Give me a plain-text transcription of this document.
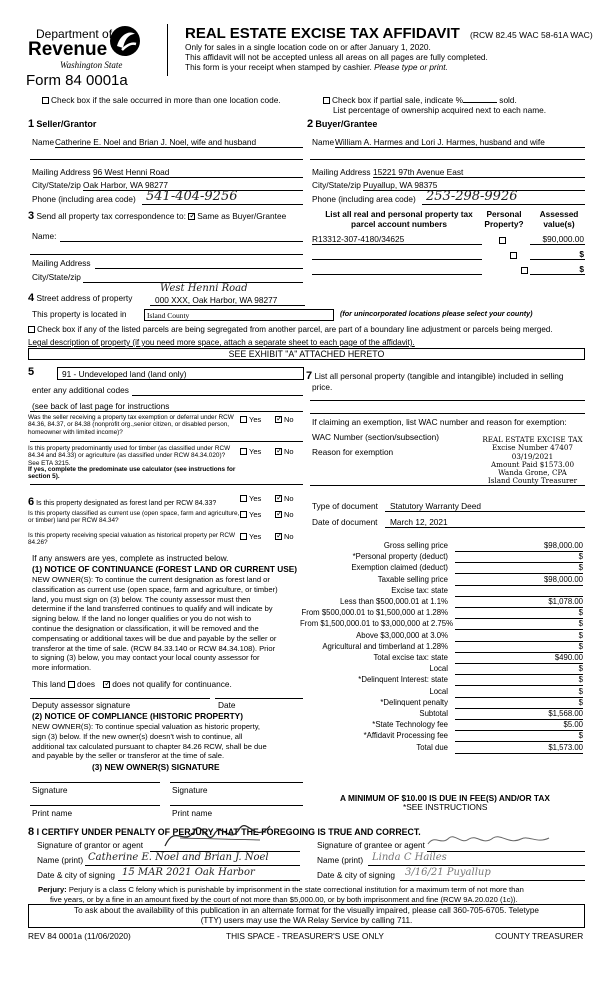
Department of
Revenue
Washington State
Form 84 0001a
REAL ESTATE EXCISE TAX AFFIDAVIT (RCW 82.45 WAC 58-61A WAC)
Only for sales in a single location code on or after January 1, 2020.
This affidavit will not be accepted unless all areas on all pages are fully completed.
This form is your receipt when stamped by cashier. Please type or print.
Check box if the sale occurred in more than one location code.	Check box if partial sale, indicate %	sold.
List percentage of ownership acquired next to each name.
1 Seller/Grantor
Name Catherine E. Noel and Brian J. Noel, wife and husband
Mailing Address 96 West Henni Road
City/State/zip Oak Harbor, WA 98277
Phone (including area code) 541-404-9256
2 Buyer/Grantee
Name William A. Harmes and Lori J. Harmes, husband and wife
Mailing Address 15221 97th Avenue East
City/State/zip Puyallup, WA 98375
Phone (including area code) 253-298-9926
3 Send all property tax correspondence to: ✓ Same as Buyer/Grantee
Name:
Mailing Address
City/State/zip
List all real and personal property tax
parcel account numbers
Personal
Property?
Assessed
value(s)
R13312-307-4180/34625
	$90,000.00

$
$
West Henni Road
4 Street address of property	000 XXX, Oak Harbor, WA 98277
This property is located in	Island County	(for unincorporated locations please select your county)
Check box if any of the listed parcels are being segregated from another parcel, are part of a boundary line adjustment or parcels being merged.
Legal description of property (if you need more space, attach a separate sheet to each page of the affidavit).
SEE EXHIBIT "A" ATTACHED HERETO
5	91 - Undeveloped land (land only)
enter any additional codes
(see back of last page for instructions
Was the seller receiving a property tax exemption or deferral under RCW 84.36, 84.37, or 84.38 (nonprofit org.,senior citizen, or disabled person, homeowner with limited income)?
Yes ✓	No
Is this property predominantly used for timber (as classified under RCW 84.34 and 84.33) or agriculture (as classified under RCW 84.34.020)? See ETA 3215.
If yes, complete the predominate use calculator (see instructions for section 5).
Yes ✓	No
6 Is this property designated as forest land per RCW 84.33?
Yes ✓	No
Is this property classified as current use (open space, farm and agriculture, or timber) land per RCW 84.34?
Yes ✓	No
Is this property receiving special valuation as historical property per RCW 84.26?
Yes ✓	No
If any answers are yes, complete as instructed below.
(1) NOTICE OF CONTINUANCE (FOREST LAND OR CURRENT USE)
NEW OWNER(S): To continue the current designation as forest land or
classification as current use (open space, farm and agriculture, or timber)
land, you must sign on (3) below. The county assessor must then
determine if the land transferred continues to qualify and will indicate by
signing below. If the land no longer qualifies or you do not wish to
continue the designation or classification, it will be removed and the
compensating or additional taxes will be due and payable by the seller or
transferor at the time of sale. (RCW 84.33.140 or RCW 84.34.108). Prior
to signing (3) below, you may contact your local county assessor for
more information.
This land does ✓ does not qualify for continuance.
Deputy assessor signature	Date
(2) NOTICE OF COMPLIANCE (HISTORIC PROPERTY)
NEW OWNER(S): To continue special valuation as historic property,
sign (3) below. If the new owner(s) doesn't wish to continue, all
additional tax calculated pursuant to chapter 84.26 RCW, shall be due
and payable by the seller or transferor at the time of sale.
(3) NEW OWNER(S) SIGNATURE
Signature	Signature
Print name	Print name
7 List all personal property (tangible and intangible) included in selling
price.
If claiming an exemption, list WAC number and reason for exemption:
WAC Number (section/subsection)
Reason for exemption
REAL ESTATE EXCISE TAX
Excise Number 47407
03/19/2021
Amount Paid $1573.00
Wanda Grone, CPA
Island County Treasurer
Type of document Statutory Warranty Deed
Date of document March 12, 2021
Gross selling price	$98,000.00
*Personal property (deduct)	$
Exemption claimed (deduct)	$
Taxable selling price	$98,000.00
Excise tax: state
Less than $500,000.01 at 1.1%	$1,078.00
From $500,000.01 to $1,500,000 at 1.28%	$
From $1,500,000.01 to $3,000,000 at 2.75%	$
Above $3,000,000 at 3.0%	$
Agricultural and timberland at 1.28%	$
Total excise tax: state	$490.00
Local	$
*Delinquent Interest: state	$
Local	$
*Delinquent penalty	$
Subtotal	$1,568.00
*State Technology fee	$5.00
*Affidavit Processing fee	$
Total due	$1,573.00
A MINIMUM OF $10.00 IS DUE IN FEE(S) AND/OR TAX
*SEE INSTRUCTIONS
8 I CERTIFY UNDER PENALTY OF PERJURY THAT THE FOREGOING IS TRUE AND CORRECT.
Signature of grantor or agent	Signature of grantee or agent
Name (print) Catherine E. Noel and Brian J. Noel	Name (print) Linda C Hailes
Date & city of signing 15 MAR 2021 Oak Harbor	Date & city of signing 3/16/21 Puyallup
Perjury: Perjury is a class C felony which is punishable by imprisonment in the state correctional institution for a maximum term of not more than
five years, or by a fine in an amount fixed by the court of not more than $5,000.00, or by both imprisonment and fine (RCW 9A.20.020 (1c)).
To ask about the availability of this publication in an alternate format for the visually impaired, please call 360-705-6705. Teletype
(TTY) users may use the WA Relay Service by calling 711.
REV 84 0001a (11/06/2020)	THIS SPACE - TREASURER'S USE ONLY	COUNTY TREASURER
